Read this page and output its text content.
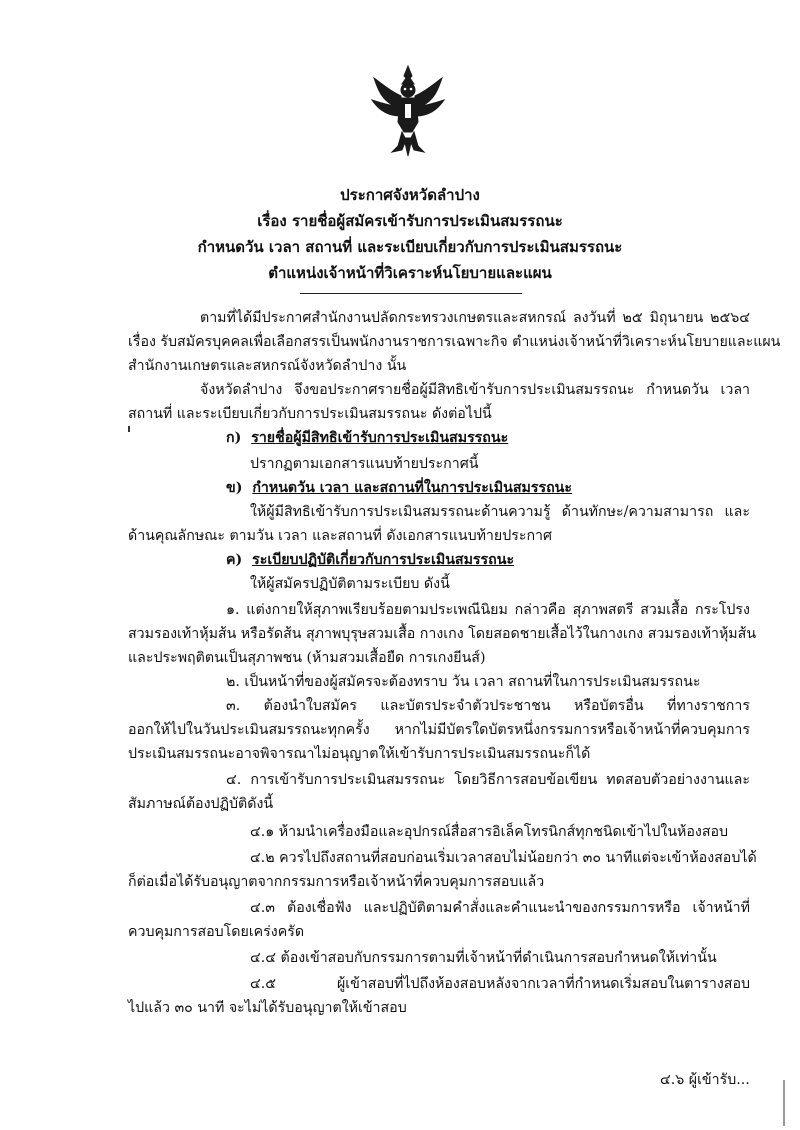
ประกาศจังหวัดลำปาง
เรื่อง รายชื่อผู้สมัครเข้ารับการประเมินสมรรถนะ
กำหนดวัน เวลา สถานที่ และระเบียบเกี่ยวกับการประเมินสมรรถนะ
ตำแหน่งเจ้าหน้าที่วิเคราะห์นโยบายและแผน
ตามที่ได้มีประกาศสำนักงานปลัดกระทรวงเกษตรและสหกรณ์ ลงวันที่ ๒๕ มิถุนายน ๒๕๖๔
เรื่อง รับสมัครบุคคลเพื่อเลือกสรรเป็นพนักงานราชการเฉพาะกิจ ตำแหน่งเจ้าหน้าที่วิเคราะห์นโยบายและแผน
สำนักงานเกษตรและสหกรณ์จังหวัดลำปาง นั้น
จังหวัดลำปาง จึงขอประกาศรายชื่อผู้มีสิทธิเข้ารับการประเมินสมรรถนะ กำหนดวัน เวลา
สถานที่ และระเบียบเกี่ยวกับการประเมินสมรรถนะ ดังต่อไปนี้
ก) รายชื่อผู้มีสิทธิเข้ารับการประเมินสมรรถนะ
ปรากฏตามเอกสารแนบท้ายประกาศนี้
ข) กำหนดวัน เวลา และสถานที่ในการประเมินสมรรถนะ
ให้ผู้มีสิทธิเข้ารับการประเมินสมรรถนะด้านความรู้ ด้านทักษะ/ความสามารถ และ
ด้านคุณลักษณะ ตามวัน เวลา และสถานที่ ดังเอกสารแนบท้ายประกาศ
ค) ระเบียบปฏิบัติเกี่ยวกับการประเมินสมรรถนะ
ให้ผู้สมัครปฏิบัติตามระเบียบ ดังนี้
๑. แต่งกายให้สุภาพเรียบร้อยตามประเพณีนิยม กล่าวคือ สุภาพสตรี สวมเสื้อ กระโปรง
สวมรองเท้าหุ้มส้น หรือรัดส้น สุภาพบุรุษสวมเสื้อ กางเกง โดยสอดชายเสื้อไว้ในกางเกง สวมรองเท้าหุ้มส้น
และประพฤติตนเป็นสุภาพชน (ห้ามสวมเสื้อยืด การเกงยีนส์)
๒. เป็นหน้าที่ของผู้สมัครจะต้องทราบ วัน เวลา สถานที่ในการประเมินสมรรถนะ
๓. ต้องนำใบสมัคร และบัตรประจำตัวประชาชน หรือบัตรอื่น ที่ทางราชการ
ออกให้ไปในวันประเมินสมรรถนะทุกครั้ง หากไม่มีบัตรใดบัตรหนึ่งกรรมการหรือเจ้าหน้าที่ควบคุมการ
ประเมินสมรรถนะอาจพิจารณาไม่อนุญาตให้เข้ารับการประเมินสมรรถนะก็ได้
๔. การเข้ารับการประเมินสมรรถนะ โดยวิธีการสอบข้อเขียน ทดสอบตัวอย่างงานและ
สัมภาษณ์ต้องปฏิบัติดังนี้
๔.๑ ห้ามนำเครื่องมือและอุปกรณ์สื่อสารอิเล็คโทรนิกส์ทุกชนิดเข้าไปในห้องสอบ
๔.๒ ควรไปถึงสถานที่สอบก่อนเริ่มเวลาสอบไม่น้อยกว่า ๓๐ นาทีแต่จะเข้าห้องสอบได้
ก็ต่อเมื่อได้รับอนุญาตจากกรรมการหรือเจ้าหน้าที่ควบคุมการสอบแล้ว
๔.๓ ต้องเชื่อฟัง และปฏิบัติตามคำสั่งและคำแนะนำของกรรมการหรือ เจ้าหน้าที่
ควบคุมการสอบโดยเคร่งครัด
๔.๔ ต้องเข้าสอบกับกรรมการตามที่เจ้าหน้าที่ดำเนินการสอบกำหนดให้เท่านั้น
๔.๕ ผู้เข้าสอบที่ไปถึงห้องสอบหลังจากเวลาที่กำหนดเริ่มสอบในตารางสอบ
ไปแล้ว ๓๐ นาที จะไม่ได้รับอนุญาตให้เข้าสอบ
๔.๖ ผู้เข้ารับ...
